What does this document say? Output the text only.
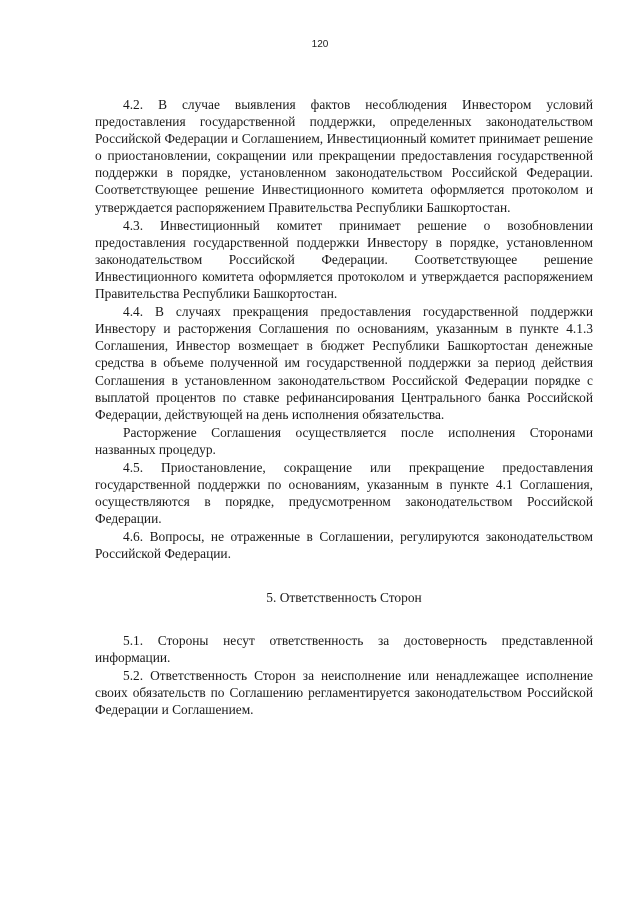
120

4.2. В случае выявления фактов несоблюдения Инвестором условий предоставления государственной поддержки, определенных законодательством Российской Федерации и Соглашением, Инвестиционный комитет принимает решение о приостановлении, сокращении или прекращении предоставления государственной поддержки в порядке, установленном законодательством Российской Федерации. Соответствующее решение Инвестиционного комитета оформляется протоколом и утверждается распоряжением Правительства Республики Башкортостан.

4.3. Инвестиционный комитет принимает решение о возобновлении предоставления государственной поддержки Инвестору в порядке, установленном законодательством Российской Федерации. Соответствующее решение Инвестиционного комитета оформляется протоколом и утверждается распоряжением Правительства Республики Башкортостан.

4.4. В случаях прекращения предоставления государственной поддержки Инвестору и расторжения Соглашения по основаниям, указанным в пункте 4.1.3 Соглашения, Инвестор возмещает в бюджет Республики Башкортостан денежные средства в объеме полученной им государственной поддержки за период действия Соглашения в установленном законодательством Российской Федерации порядке с выплатой процентов по ставке рефинансирования Центрального банка Российской Федерации, действующей на день исполнения обязательства.

Расторжение Соглашения осуществляется после исполнения Сторонами названных процедур.

4.5. Приостановление, сокращение или прекращение предоставления государственной поддержки по основаниям, указанным в пункте 4.1 Соглашения, осуществляются в порядке, предусмотренном законодательством Российской Федерации.

4.6. Вопросы, не отраженные в Соглашении, регулируются законодательством Российской Федерации.

5. Ответственность Сторон

5.1. Стороны несут ответственность за достоверность представленной информации.

5.2. Ответственность Сторон за неисполнение или ненадлежащее исполнение своих обязательств по Соглашению регламентируется законодательством Российской Федерации и Соглашением.
